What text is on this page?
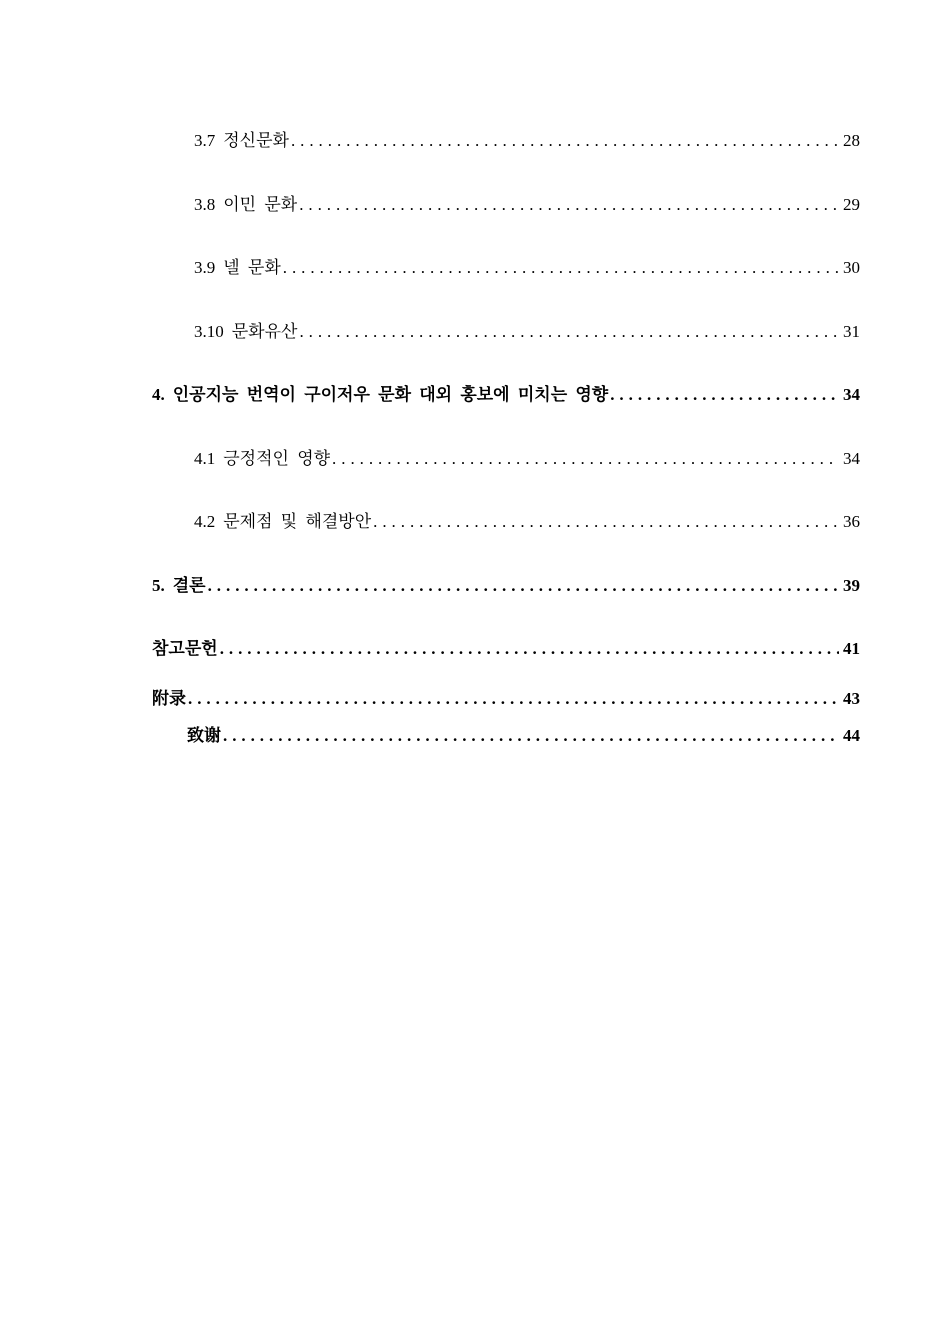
3.7 정신문화 . . .	28
3.8 이민 문화 . . .	29
3.9 넬 문화 . . .	30
3.10 문화유산 . . .	31
4. 인공지능 번역이 구이저우 문화 대외 홍보에 미치는 영향 . . .	34
4.1 긍정적인 영향 . . .	34
4.2 문제점 및 해결방안 . . .	36
5. 결론 . . .	39
참고문헌 . . .	41
附录 . . .	43
致谢 . . .	44
